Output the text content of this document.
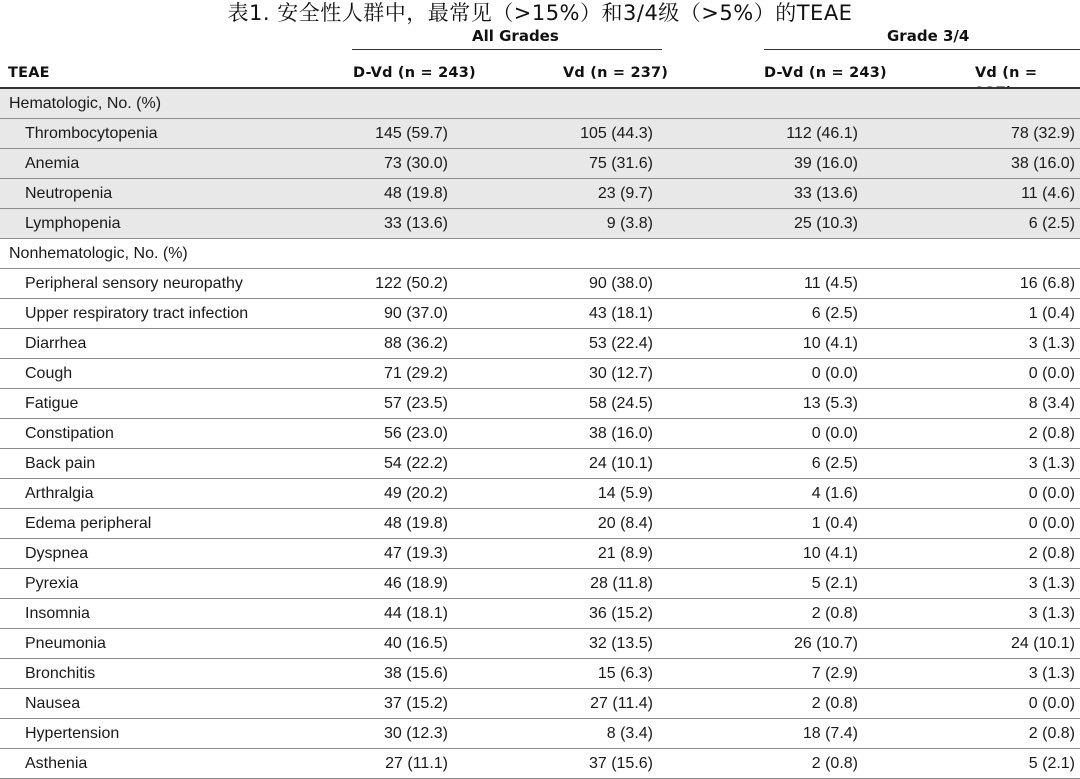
表1. 安全性人群中，最常见（>15%）和3/4级（>5%）的TEAE
All Grades	Grade 3/4
TEAE	D-Vd (n = 243)	Vd (n = 237)	D-Vd (n = 243)	Vd (n =
Hematologic, No. (%)				
Thrombocytopenia	145 (59.7)	105 (44.3)	112 (46.1)	78 (32.9)
Anemia	73 (30.0)	75 (31.6)	39 (16.0)	38 (16.0)
Neutropenia	48 (19.8)	23 (9.7)	33 (13.6)	11 (4.6)
Lymphopenia	33 (13.6)	9 (3.8)	25 (10.3)	6 (2.5)
Nonhematologic, No. (%)				
Peripheral sensory neuropathy	122 (50.2)	90 (38.0)	11 (4.5)	16 (6.8)
Upper respiratory tract infection	90 (37.0)	43 (18.1)	6 (2.5)	1 (0.4)
Diarrhea	88 (36.2)	53 (22.4)	10 (4.1)	3 (1.3)
Cough	71 (29.2)	30 (12.7)	0 (0.0)	0 (0.0)
Fatigue	57 (23.5)	58 (24.5)	13 (5.3)	8 (3.4)
Constipation	56 (23.0)	38 (16.0)	0 (0.0)	2 (0.8)
Back pain	54 (22.2)	24 (10.1)	6 (2.5)	3 (1.3)
Arthralgia	49 (20.2)	14 (5.9)	4 (1.6)	0 (0.0)
Edema peripheral	48 (19.8)	20 (8.4)	1 (0.4)	0 (0.0)
Dyspnea	47 (19.3)	21 (8.9)	10 (4.1)	2 (0.8)
Pyrexia	46 (18.9)	28 (11.8)	5 (2.1)	3 (1.3)
Insomnia	44 (18.1)	36 (15.2)	2 (0.8)	3 (1.3)
Pneumonia	40 (16.5)	32 (13.5)	26 (10.7)	24 (10.1)
Bronchitis	38 (15.6)	15 (6.3)	7 (2.9)	3 (1.3)
Nausea	37 (15.2)	27 (11.4)	2 (0.8)	0 (0.0)
Hypertension	30 (12.3)	8 (3.4)	18 (7.4)	2 (0.8)
Asthenia	27 (11.1)	37 (15.6)	2 (0.8)	5 (2.1)
